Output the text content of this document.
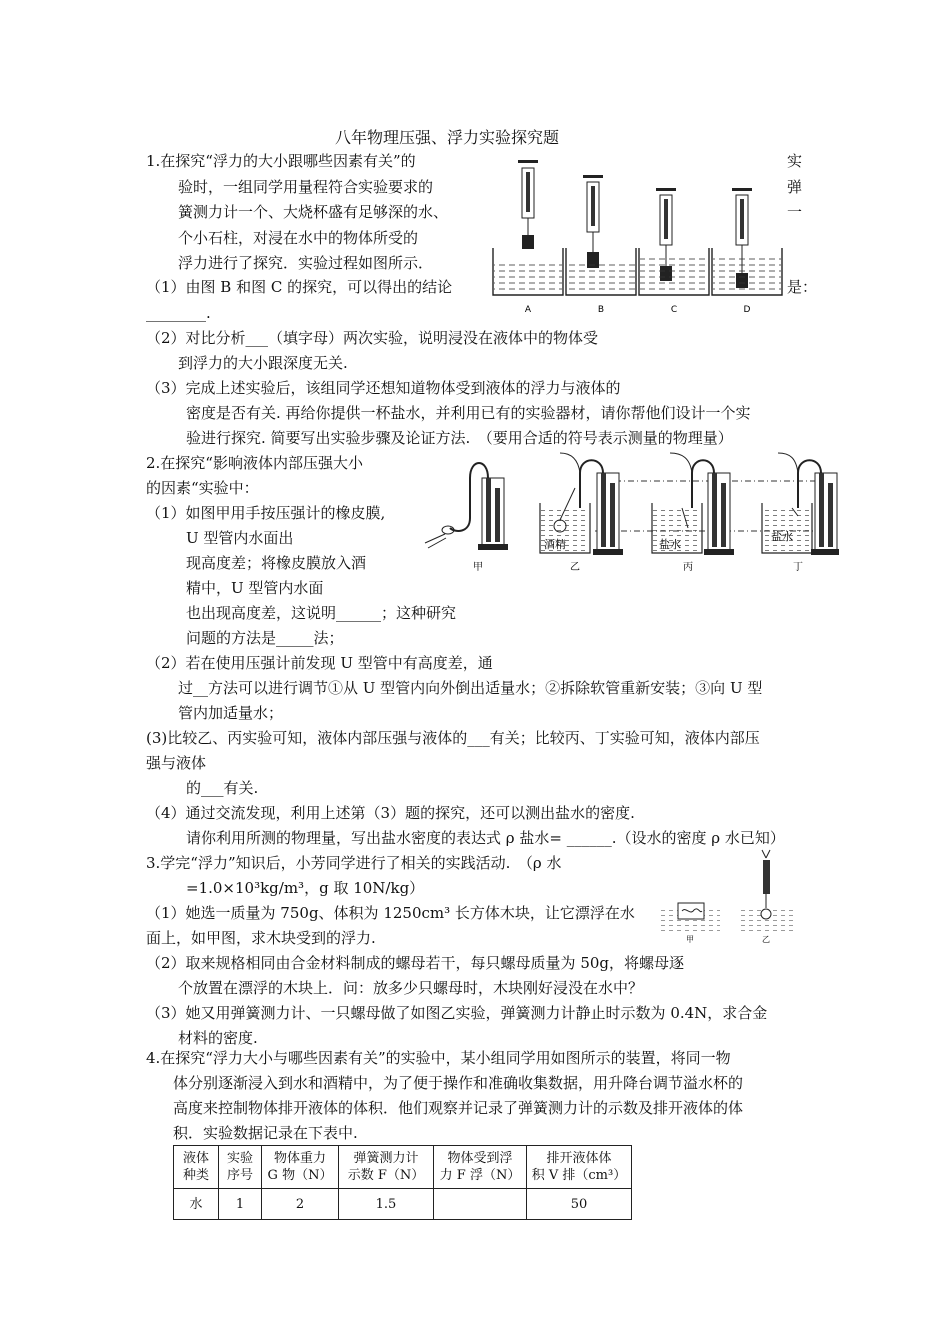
八年物理压强、浮力实验探究题
1.在探究“浮力的大小跟哪些因素有关”的	实
验时，一组同学用量程符合实验要求的	弹
簧测力计一个、大烧杯盛有足够深的水、	一
个小石柱，对浸在水中的物体所受的
浮力进行了探究．实验过程如图所示．
（1）由图 B 和图 C 的探究，可以得出的结论	是：
________.
（2）对比分析___（填字母）两次实验，说明浸没在液体中的物体受
到浮力的大小跟深度无关.
（3）完成上述实验后，该组同学还想知道物体受到液体的浮力与液体的
密度是否有关. 再给你提供一杯盐水，并利用已有的实验器材，请你帮他们设计一个实
验进行探究. 简要写出实验步骤及论证方法.　（要用合适的符号表示测量的物理量）
A	B	C	D
2.在探究“影响液体内部压强大小
的因素“实验中：
（1）如图甲用手按压强计的橡皮膜,
U 型管内水面出
现高度差；将橡皮膜放入酒
精中，U 型管内水面
也出现高度差，这说明______；这种研究
问题的方法是_____法；
（2）若在使用压强计前发现 U 型管中有高度差，通
过__方法可以进行调节①从 U 型管内向外倒出适量水；②拆除软管重新安装；③向 U 型
管内加适量水；
(3)比较乙、丙实验可知，液体内部压强与液体的___有关；比较丙、丁实验可知，液体内部压
强与液体
的___有关.
（4）通过交流发现，利用上述第（3）题的探究，还可以测出盐水的密度.
请你利用所测的物理量，写出盐水密度的表达式 ρ 盐水= ______.（设水的密度 ρ 水已知）
酒精	盐水
盐水
甲	乙	丙	丁
3.学完“浮力”知识后，小芳同学进行了相关的实践活动.　（ρ 水
=1.0×10³kg/m³，g 取 10N/kg）
（1）她选一质量为 750g、体积为 1250cm³ 长方体木块，让它漂浮在水
面上，如甲图，求木块受到的浮力.
（2）取来规格相同由合金材料制成的螺母若干，每只螺母质量为 50g，将螺母逐
个放置在漂浮的木块上．问：放多少只螺母时，木块刚好浸没在水中？
（3）她又用弹簧测力计、一只螺母做了如图乙实验，弹簧测力计静止时示数为 0.4N，求合金
材料的密度.
甲	乙
4.在探究“浮力大小与哪些因素有关”的实验中，某小组同学用如图所示的装置，将同一物
体分别逐渐浸入到水和酒精中，为了便于操作和准确收集数据，用升降台调节溢水杯的
高度来控制物体排开液体的体积．他们观察并记录了弹簧测力计的示数及排开液体的体
积．实验数据记录在下表中.
液体
种类	实验
序号	物体重力
G 物（N）	弹簧测力计
示数 F（N）	物体受到浮
力 F 浮（N）	排开液体体
积 V 排（cm³）
水	1	2	1.5		50
